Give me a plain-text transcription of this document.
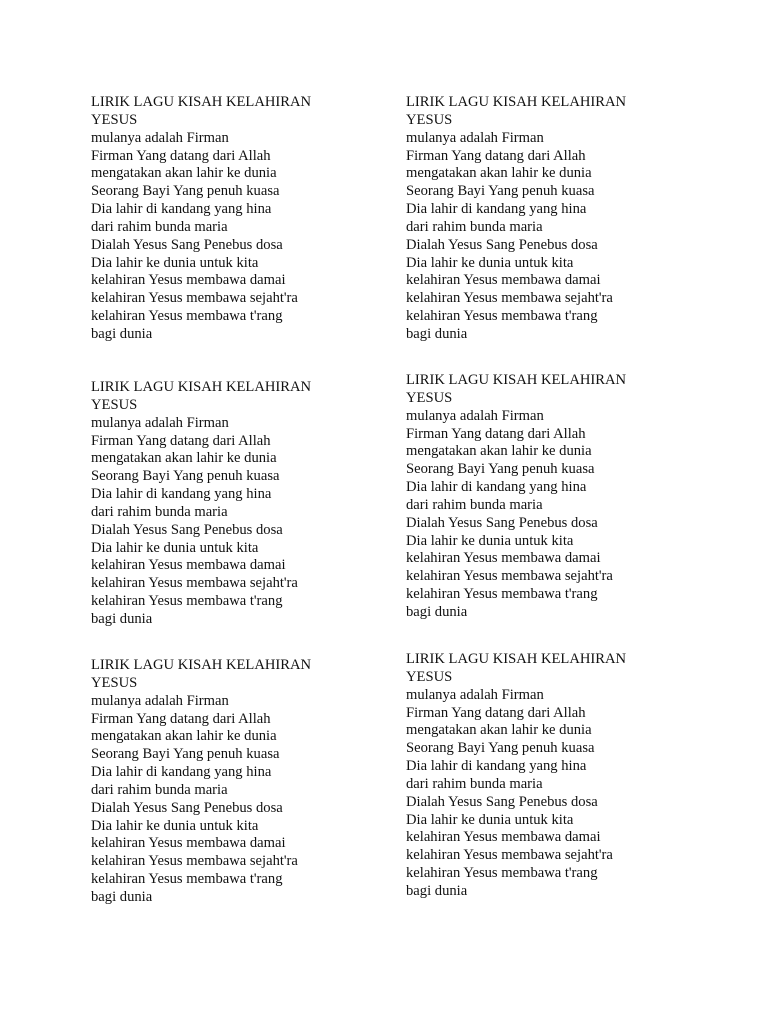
LIRIK LAGU KISAH KELAHIRAN YESUS
mulanya adalah Firman
Firman Yang datang dari Allah
mengatakan akan lahir ke dunia
Seorang Bayi Yang penuh kuasa
Dia lahir di kandang yang hina
dari rahim bunda maria
Dialah Yesus Sang Penebus dosa
Dia lahir ke dunia untuk kita
kelahiran Yesus membawa damai
kelahiran Yesus membawa sejaht'ra
kelahiran Yesus membawa t'rang
bagi dunia
LIRIK LAGU KISAH KELAHIRAN YESUS
mulanya adalah Firman
Firman Yang datang dari Allah
mengatakan akan lahir ke dunia
Seorang Bayi Yang penuh kuasa
Dia lahir di kandang yang hina
dari rahim bunda maria
Dialah Yesus Sang Penebus dosa
Dia lahir ke dunia untuk kita
kelahiran Yesus membawa damai
kelahiran Yesus membawa sejaht'ra
kelahiran Yesus membawa t'rang
bagi dunia
LIRIK LAGU KISAH KELAHIRAN YESUS
mulanya adalah Firman
Firman Yang datang dari Allah
mengatakan akan lahir ke dunia
Seorang Bayi Yang penuh kuasa
Dia lahir di kandang yang hina
dari rahim bunda maria
Dialah Yesus Sang Penebus dosa
Dia lahir ke dunia untuk kita
kelahiran Yesus membawa damai
kelahiran Yesus membawa sejaht'ra
kelahiran Yesus membawa t'rang
bagi dunia
LIRIK LAGU KISAH KELAHIRAN YESUS
mulanya adalah Firman
Firman Yang datang dari Allah
mengatakan akan lahir ke dunia
Seorang Bayi Yang penuh kuasa
Dia lahir di kandang yang hina
dari rahim bunda maria
Dialah Yesus Sang Penebus dosa
Dia lahir ke dunia untuk kita
kelahiran Yesus membawa damai
kelahiran Yesus membawa sejaht'ra
kelahiran Yesus membawa t'rang
bagi dunia
LIRIK LAGU KISAH KELAHIRAN YESUS
mulanya adalah Firman
Firman Yang datang dari Allah
mengatakan akan lahir ke dunia
Seorang Bayi Yang penuh kuasa
Dia lahir di kandang yang hina
dari rahim bunda maria
Dialah Yesus Sang Penebus dosa
Dia lahir ke dunia untuk kita
kelahiran Yesus membawa damai
kelahiran Yesus membawa sejaht'ra
kelahiran Yesus membawa t'rang
bagi dunia
LIRIK LAGU KISAH KELAHIRAN YESUS
mulanya adalah Firman
Firman Yang datang dari Allah
mengatakan akan lahir ke dunia
Seorang Bayi Yang penuh kuasa
Dia lahir di kandang yang hina
dari rahim bunda maria
Dialah Yesus Sang Penebus dosa
Dia lahir ke dunia untuk kita
kelahiran Yesus membawa damai
kelahiran Yesus membawa sejaht'ra
kelahiran Yesus membawa t'rang
bagi dunia
